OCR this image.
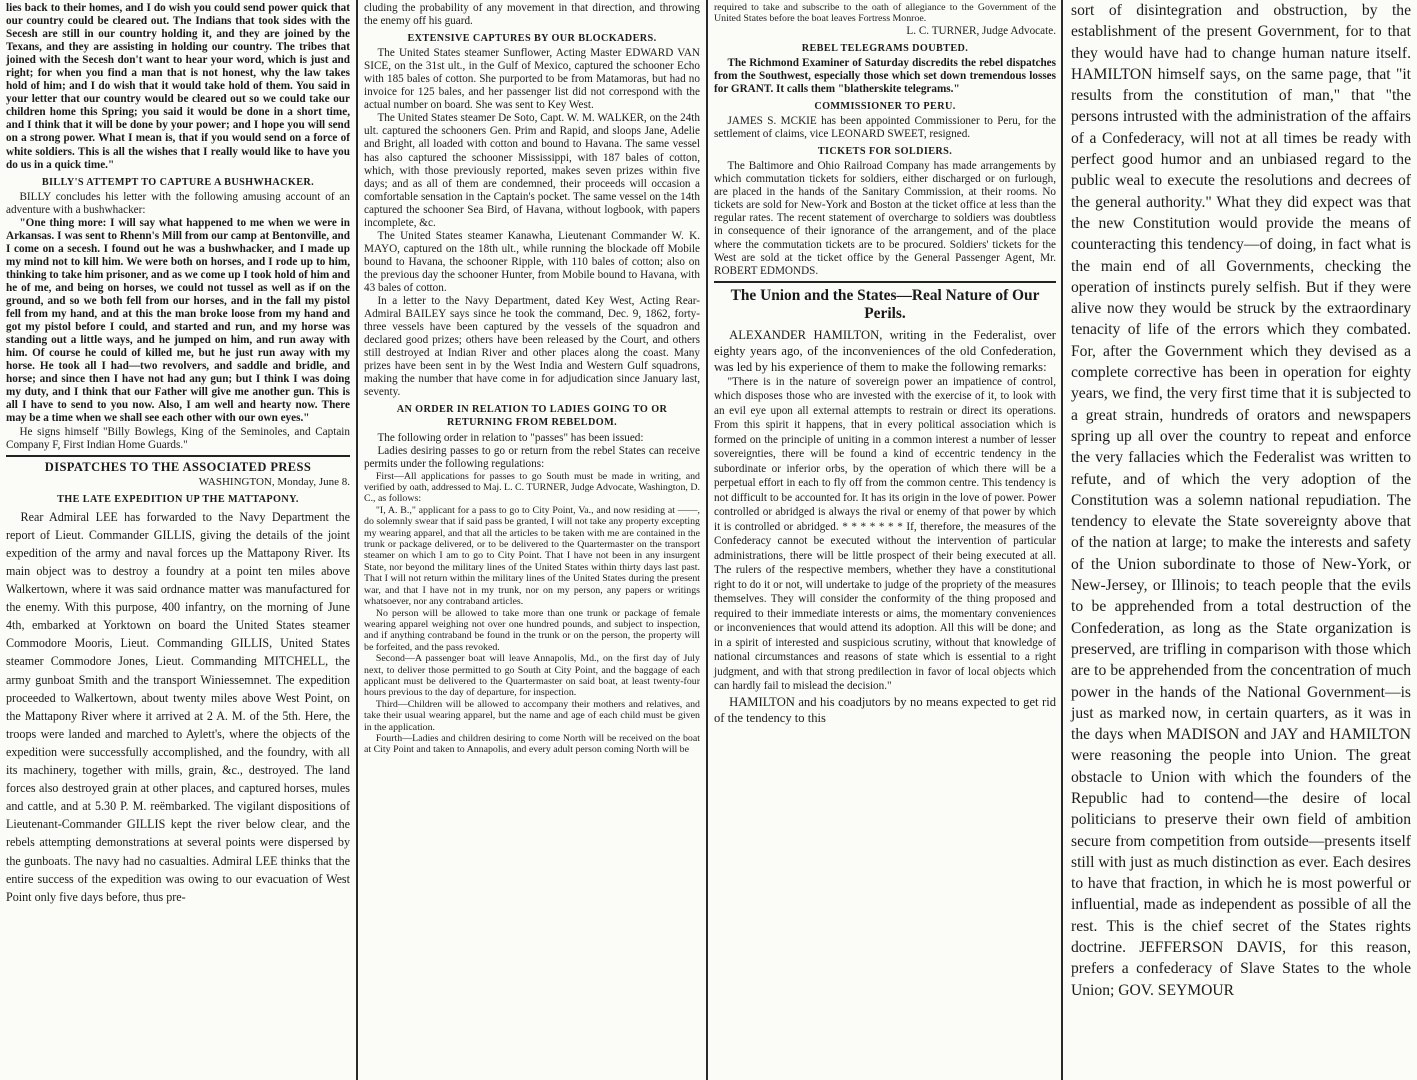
lies back to their homes, and I do wish you could send power quick that our country could be cleared out. The Indians that took sides with the Secesh are still in our country holding it, and they are joined by the Texans, and they are assisting in holding our country. The tribes that joined with the Secesh don't want to hear your word, which is just and right; for when you find a man that is not honest, why the law takes hold of him; and I do wish that it would take hold of them. You said in your letter that our country would be cleared out so we could take our children home this Spring; you said it would be done in a short time, and I think that it will be done by your power; and I hope you will send on a strong power. What I mean is, that if you would send on a force of white soldiers. This is all the wishes that I really would like to have you do us in a quick time."

BILLY'S ATTEMPT TO CAPTURE A BUSHWHACKER.

BILLY concludes his letter with the following amusing account of an adventure with a bushwhacker:

"One thing more: I will say what happened to me when we were in Arkansas. I was sent to Rhenn's Mill from our camp at Bentonville, and I come on a secesh. I found out he was a bushwhacker, and I made up my mind not to kill him. We were both on horses, and I rode up to him, thinking to take him prisoner, and as we come up I took hold of him and he of me, and being on horses, we could not tussel as well as if on the ground, and so we both fell from our horses, and in the fall my pistol fell from my hand, and at this the man broke loose from my hand and got my pistol before I could, and started and run, and my horse was standing out a little ways, and he jumped on him, and run away with him. Of course he could of killed me, but he just run away with my horse. He took all I had—two revolvers, and saddle and bridle, and horse; and since then I have not had any gun; but I think I was doing my duty, and I think that our Father will give me another gun. This is all I have to send to you now. Also, I am well and hearty now. There may be a time when we shall see each other with our own eyes."

He signs himself "Billy Bowlegs, King of the Seminoles, and Captain Company F, First Indian Home Guards."

DISPATCHES TO THE ASSOCIATED PRESS

WASHINGTON, Monday, June 8.

THE LATE EXPEDITION UP THE MATTAPONY.

Rear Admiral LEE has forwarded to the Navy Department the report of Lieut. Commander GILLIS, giving the details of the joint expedition of the army and naval forces up the Mattapony River. Its main object was to destroy a foundry at a point ten miles above Walkertown, where it was said ordnance matter was manufactured for the enemy. With this purpose, 400 infantry, on the morning of June 4th, embarked at Yorktown on board the United States steamer Commodore Mooris, Lieut. Commanding GILLIS, United States steamer Commodore Jones, Lieut. Commanding MITCHELL, the army gunboat Smith and the transport Winiessemnet. The expedition proceeded to Walkertown, about twenty miles above West Point, on the Mattapony River where it arrived at 2 A. M. of the 5th. Here, the troops were landed and marched to Aylett's, where the objects of the expedition were successfully accomplished, and the foundry, with all its machinery, together with mills, grain, &c., destroyed. The land forces also destroyed grain at other places, and captured horses, mules and cattle, and at 5.30 P. M. reëmbarked. The vigilant dispositions of Lieutenant-Commander GILLIS kept the river below clear, and the rebels attempting demonstrations at several points were dispersed by the gunboats. The navy had no casualties. Admiral LEE thinks that the entire success of the expedition was owing to our evacuation of West Point only five days before, thus pre-

cluding the probability of any movement in that direction, and throwing the enemy off his guard.

EXTENSIVE CAPTURES BY OUR BLOCKADERS.

The United States steamer Sunflower, Acting Master EDWARD VAN SICE, on the 31st ult., in the Gulf of Mexico, captured the schooner Echo with 185 bales of cotton. She purported to be from Matamoras, but had no invoice for 125 bales, and her passenger list did not correspond with the actual number on board. She was sent to Key West.

The United States steamer De Soto, Capt. W. M. WALKER, on the 24th ult. captured the schooners Gen. Prim and Rapid, and sloops Jane, Adelie and Bright, all loaded with cotton and bound to Havana. The same vessel has also captured the schooner Mississippi, with 187 bales of cotton, which, with those previously reported, makes seven prizes within five days; and as all of them are condemned, their proceeds will occasion a comfortable sensation in the Captain's pocket. The same vessel on the 14th captured the schooner Sea Bird, of Havana, without logbook, with papers incomplete, &c.

The United States steamer Kanawha, Lieutenant Commander W. K. MAYO, captured on the 18th ult., while running the blockade off Mobile bound to Havana, the schooner Ripple, with 110 bales of cotton; also on the previous day the schooner Hunter, from Mobile bound to Havana, with 43 bales of cotton.

In a letter to the Navy Department, dated Key West, Acting Rear-Admiral BAILEY says since he took the command, Dec. 9, 1862, forty-three vessels have been captured by the vessels of the squadron and declared good prizes; others have been released by the Court, and others still destroyed at Indian River and other places along the coast. Many prizes have been sent in by the West India and Western Gulf squadrons, making the number that have come in for adjudication since January last, seventy.

AN ORDER IN RELATION TO LADIES GOING TO OR RETURNING FROM REBELDOM.

The following order in relation to "passes" has been issued:

Ladies desiring passes to go or return from the rebel States can receive permits under the following regulations:

First—All applications for passes to go South must be made in writing, and verified by oath, addressed to Maj. L. C. TURNER, Judge Advocate, Washington, D. C., as follows:

"I, A. B.," applicant for a pass to go to City Point, Va., and now residing at ——, do solemnly swear that if said pass be granted, I will not take any property excepting my wearing apparel, and that all the articles to be taken with me are contained in the trunk or package delivered, or to be delivered to the Quartermaster on the transport steamer on which I am to go to City Point. That I have not been in any insurgent State, nor beyond the military lines of the United States within thirty days last past. That I will not return within the military lines of the United States during the present war, and that I have not in my trunk, nor on my person, any papers or writings whatsoever, nor any contraband articles.

No person will be allowed to take more than one trunk or package of female wearing apparel weighing not over one hundred pounds, and subject to inspection, and if anything contraband be found in the trunk or on the person, the property will be forfeited, and the pass revoked.

Second—A passenger boat will leave Annapolis, Md., on the first day of July next, to deliver those permitted to go South at City Point, and the baggage of each applicant must be delivered to the Quartermaster on said boat, at least twenty-four hours previous to the day of departure, for inspection.

Third—Children will be allowed to accompany their mothers and relatives, and take their usual wearing apparel, but the name and age of each child must be given in the application.

Fourth—Ladies and children desiring to come North will be received on the boat at City Point and taken to Annapolis, and every adult person coming North will be

required to take and subscribe to the oath of allegiance to the Government of the United States before the boat leaves Fortress Monroe.

L. C. TURNER, Judge Advocate.

REBEL TELEGRAMS DOUBTED.

The Richmond Examiner of Saturday discredits the rebel dispatches from the Southwest, especially those which set down tremendous losses for GRANT. It calls them "blatherskite telegrams."

COMMISSIONER TO PERU.

JAMES S. MCKIE has been appointed Commissioner to Peru, for the settlement of claims, vice LEONARD SWEET, resigned.

TICKETS FOR SOLDIERS.

The Baltimore and Ohio Railroad Company has made arrangements by which commutation tickets for soldiers, either discharged or on furlough, are placed in the hands of the Sanitary Commission, at their rooms. No tickets are sold for New-York and Boston at the ticket office at less than the regular rates. The recent statement of overcharge to soldiers was doubtless in consequence of their ignorance of the arrangement, and of the place where the commutation tickets are to be procured. Soldiers' tickets for the West are sold at the ticket office by the General Passenger Agent, Mr. ROBERT EDMONDS.

The Union and the States—Real Nature of Our Perils.

ALEXANDER HAMILTON, writing in the Federalist, over eighty years ago, of the inconveniences of the old Confederation, was led by his experience of them to make the following remarks:

"There is in the nature of sovereign power an impatience of control, which disposes those who are invested with the exercise of it, to look with an evil eye upon all external attempts to restrain or direct its operations. From this spirit it happens, that in every political association which is formed on the principle of uniting in a common interest a number of lesser sovereignties, there will be found a kind of eccentric tendency in the subordinate or inferior orbs, by the operation of which there will be a perpetual effort in each to fly off from the common centre. This tendency is not difficult to be accounted for. It has its origin in the love of power. Power controlled or abridged is always the rival or enemy of that power by which it is controlled or abridged. * * * * * * * If, therefore, the measures of the Confederacy cannot be executed without the intervention of particular administrations, there will be little prospect of their being executed at all. The rulers of the respective members, whether they have a constitutional right to do it or not, will undertake to judge of the propriety of the measures themselves. They will consider the conformity of the thing proposed and required to their immediate interests or aims, the momentary conveniences or inconveniences that would attend its adoption. All this will be done; and in a spirit of interested and suspicious scrutiny, without that knowledge of national circumstances and reasons of state which is essential to a right judgment, and with that strong predilection in favor of local objects which can hardly fail to mislead the decision."

HAMILTON and his coadjutors by no means expected to get rid of the tendency to this

sort of disintegration and obstruction, by the establishment of the present Government, for to that they would have had to change human nature itself. HAMILTON himself says, on the same page, that "it results from the constitution of man," that "the persons intrusted with the administration of the affairs of a Confederacy, will not at all times be ready with perfect good humor and an unbiased regard to the public weal to execute the resolutions and decrees of the general authority." What they did expect was that the new Constitution would provide the means of counteracting this tendency—of doing, in fact what is the main end of all Governments, checking the operation of instincts purely selfish. But if they were alive now they would be struck by the extraordinary tenacity of life of the errors which they combated. For, after the Government which they devised as a complete corrective has been in operation for eighty years, we find, the very first time that it is subjected to a great strain, hundreds of orators and newspapers spring up all over the country to repeat and enforce the very fallacies which the Federalist was written to refute, and of which the very adoption of the Constitution was a solemn national repudiation. The tendency to elevate the State sovereignty above that of the nation at large; to make the interests and safety of the Union subordinate to those of New-York, or New-Jersey, or Illinois; to teach people that the evils to be apprehended from a total destruction of the Confederation, as long as the State organization is preserved, are trifling in comparison with those which are to be apprehended from the concentration of much power in the hands of the National Government—is just as marked now, in certain quarters, as it was in the days when MADISON and JAY and HAMILTON were reasoning the people into Union. The great obstacle to Union with which the founders of the Republic had to contend—the desire of local politicians to preserve their own field of ambition secure from competition from outside—presents itself still with just as much distinction as ever. Each desires to have that fraction, in which he is most powerful or influential, made as independent as possible of all the rest. This is the chief secret of the States rights doctrine. JEFFERSON DAVIS, for this reason, prefers a confederacy of Slave States to the whole Union; GOV. SEYMOUR
